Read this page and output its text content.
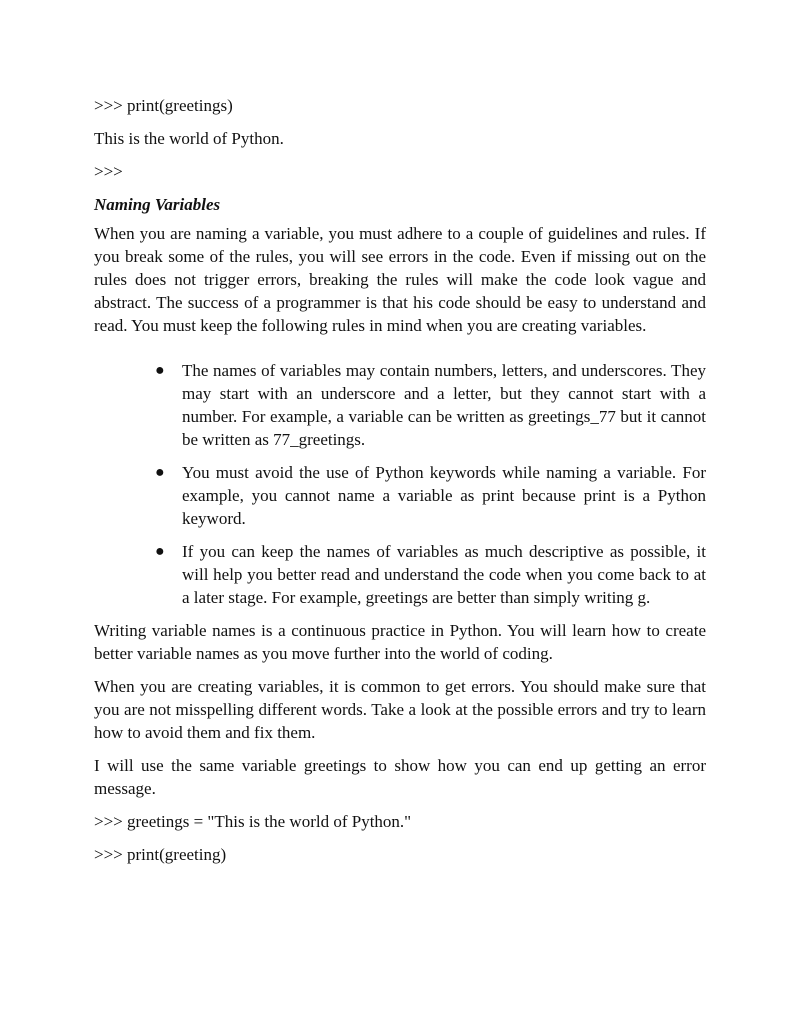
>>> print(greetings)

This is the world of Python.

>>>

Naming Variables

When you are naming a variable, you must adhere to a couple of guidelines and rules. If you break some of the rules, you will see errors in the code. Even if missing out on the rules does not trigger errors, breaking the rules will make the code look vague and abstract. The success of a programmer is that his code should be easy to understand and read. You must keep the following rules in mind when you are creating variables.

● The names of variables may contain numbers, letters, and underscores. They may start with an underscore and a letter, but they cannot start with a number. For example, a variable can be written as greetings_77 but it cannot be written as 77_greetings.
● You must avoid the use of Python keywords while naming a variable. For example, you cannot name a variable as print because print is a Python keyword.
● If you can keep the names of variables as much descriptive as possible, it will help you better read and understand the code when you come back to at a later stage. For example, greetings are better than simply writing g.

Writing variable names is a continuous practice in Python. You will learn how to create better variable names as you move further into the world of coding.

When you are creating variables, it is common to get errors. You should make sure that you are not misspelling different words. Take a look at the possible errors and try to learn how to avoid them and fix them.

I will use the same variable greetings to show how you can end up getting an error message.

>>> greetings = "This is the world of Python."

>>> print(greeting)
